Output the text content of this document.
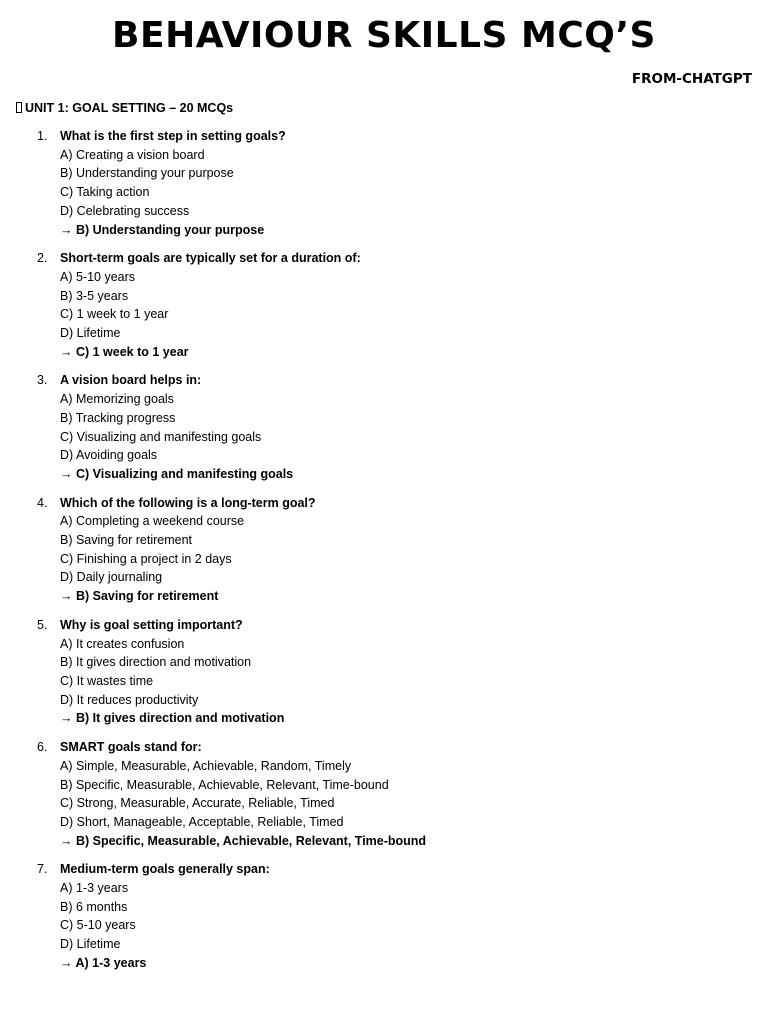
BEHAVIOUR SKILLS MCQ’S
FROM-CHATGPT
UNIT 1: GOAL SETTING – 20 MCQs
1. What is the first step in setting goals?
A) Creating a vision board
B) Understanding your purpose
C) Taking action
D) Celebrating success
→ B) Understanding your purpose
2. Short-term goals are typically set for a duration of:
A) 5-10 years
B) 3-5 years
C) 1 week to 1 year
D) Lifetime
→ C) 1 week to 1 year
3. A vision board helps in:
A) Memorizing goals
B) Tracking progress
C) Visualizing and manifesting goals
D) Avoiding goals
→ C) Visualizing and manifesting goals
4. Which of the following is a long-term goal?
A) Completing a weekend course
B) Saving for retirement
C) Finishing a project in 2 days
D) Daily journaling
→ B) Saving for retirement
5. Why is goal setting important?
A) It creates confusion
B) It gives direction and motivation
C) It wastes time
D) It reduces productivity
→ B) It gives direction and motivation
6. SMART goals stand for:
A) Simple, Measurable, Achievable, Random, Timely
B) Specific, Measurable, Achievable, Relevant, Time-bound
C) Strong, Measurable, Accurate, Reliable, Timed
D) Short, Manageable, Acceptable, Reliable, Timed
→ B) Specific, Measurable, Achievable, Relevant, Time-bound
7. Medium-term goals generally span:
A) 1-3 years
B) 6 months
C) 5-10 years
D) Lifetime
→ A) 1-3 years
